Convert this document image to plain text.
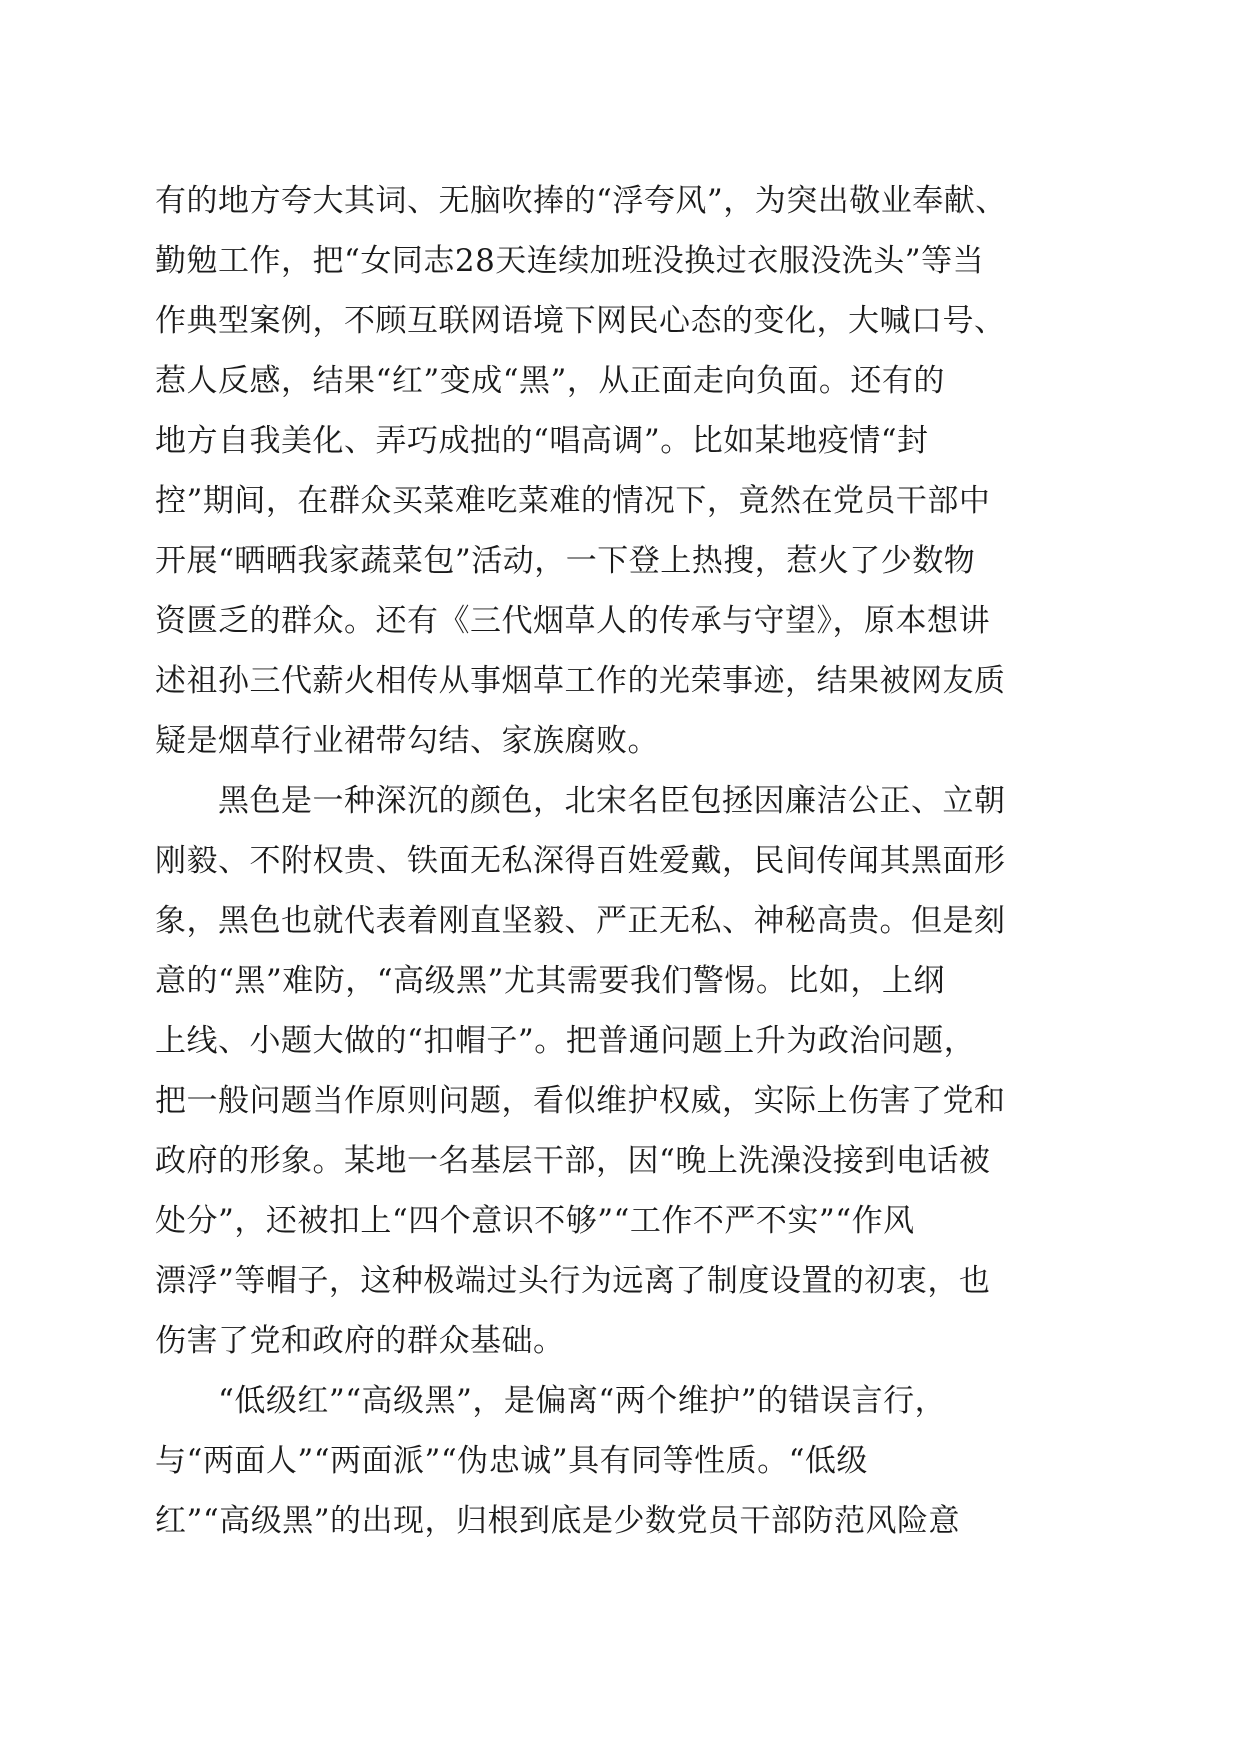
有的地方夸大其词、无脑吹捧的“浮夸风”，为突出敬业奉献、
勤勉工作，把“女同志28天连续加班没换过衣服没洗头”等当
作典型案例，不顾互联网语境下网民心态的变化，大喊口号、
惹人反感，结果“红”变成“黑”，从正面走向负面。还有的
地方自我美化、弄巧成拙的“唱高调”。比如某地疫情“封
控”期间，在群众买菜难吃菜难的情况下，竟然在党员干部中
开展“晒晒我家蔬菜包”活动，一下登上热搜，惹火了少数物
资匮乏的群众。还有《三代烟草人的传承与守望》，原本想讲
述祖孙三代薪火相传从事烟草工作的光荣事迹，结果被网友质
疑是烟草行业裙带勾结、家族腐败。

　　黑色是一种深沉的颜色，北宋名臣包拯因廉洁公正、立朝
刚毅、不附权贵、铁面无私深得百姓爱戴，民间传闻其黑面形
象，黑色也就代表着刚直坚毅、严正无私、神秘高贵。但是刻
意的“黑”难防，“高级黑”尤其需要我们警惕。比如，上纲
上线、小题大做的“扣帽子”。把普通问题上升为政治问题，
把一般问题当作原则问题，看似维护权威，实际上伤害了党和
政府的形象。某地一名基层干部，因“晚上洗澡没接到电话被
处分”，还被扣上“四个意识不够”“工作不严不实”“作风
漂浮”等帽子，这种极端过头行为远离了制度设置的初衷，也
伤害了党和政府的群众基础。

　　“低级红”“高级黑”，是偏离“两个维护”的错误言行，
与“两面人”“两面派”“伪忠诚”具有同等性质。“低级
红”“高级黑”的出现，归根到底是少数党员干部防范风险意
